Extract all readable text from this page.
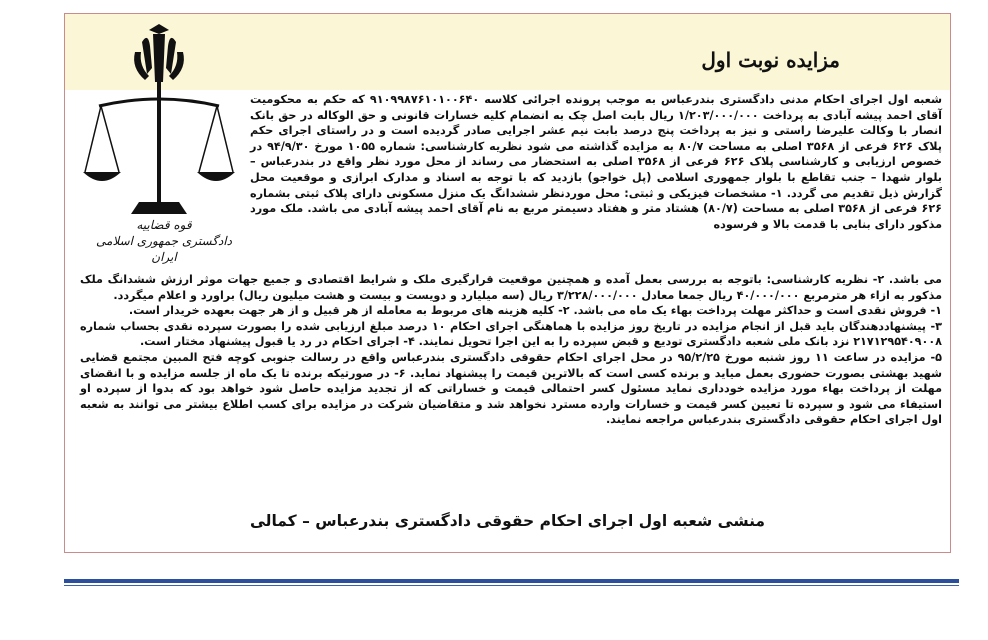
مزایده نوبت اول
قوه قضاییه
دادگستری جمهوری اسلامی ایران

شعبه اول اجرای احکام مدنی دادگستری بندرعباس به موجب پرونده اجرائی کلاسه ۹۱۰۹۹۸۷۶۱۰۱۰۰۶۴۰ که حکم به محکومیت آقای احمد پیشه آبادی به پرداخت ۱/۲۰۳/۰۰۰/۰۰۰ ریال بابت اصل چک به انضمام کلیه خسارات قانونی و حق الوکاله در حق بانک انصار با وکالت علیرضا راستی و نیز به پرداخت پنج درصد بابت نیم عشر اجرایی صادر گردیده است و در راستای اجرای حکم پلاک ۶۲۶ فرعی از ۳۵۶۸ اصلی به مساحت ۸۰/۷ به مزایده گذاشته می شود نظریه کارشناسی: شماره ۱۰۵۵ مورخ ۹۴/۹/۳۰ در خصوص ارزیابی و کارشناسی پلاک ۶۲۶ فرعی از ۳۵۶۸ اصلی به استحضار می رساند از محل مورد نظر واقع در بندرعباس – بلوار شهدا – جنب تقاطع با بلوار جمهوری اسلامی (پل خواجو) بازدید که با توجه به اسناد و مدارک ابرازی و موقعیت محل گزارش ذیل تقدیم می گردد. ۱- مشخصات فیزیکی و ثبتی: محل موردنظر ششدانگ یک منزل مسکونی دارای پلاک ثبتی بشماره ۶۲۶ فرعی از ۳۵۶۸ اصلی به مساحت (۸۰/۷) هشتاد متر و هفتاد دسیمتر مربع به نام آقای احمد پیشه آبادی می باشد. ملک مورد مذکور دارای بنایی با قدمت بالا و فرسوده

می باشد. ۲- نظریه کارشناسی: باتوجه به بررسی بعمل آمده و همچنین موقعیت قرارگیری ملک و شرایط اقتصادی و جمیع جهات موثر ارزش ششدانگ ملک مذکور به ازاء هر مترمربع ۴۰/۰۰۰/۰۰۰ ریال جمعا معادل ۳/۲۲۸/۰۰۰/۰۰۰ ریال (سه میلیارد و دویست و بیست و هشت میلیون ریال) براورد و اعلام میگردد.

۱- فروش نقدی است و حداکثر مهلت پرداخت بهاء یک ماه می باشد. ۲- کلیه هزینه های مربوط به معامله از هر قبیل و از هر جهت بعهده خریدار است.

۳- پیشنهاددهندگان باید قبل از انجام مزایده در تاریخ روز مزایده با هماهنگی اجرای احکام ۱۰ درصد مبلغ ارزیابی شده را بصورت سپرده نقدی بحساب شماره ۲۱۷۱۲۹۵۴۰۹۰۰۸ نزد بانک ملی شعبه دادگستری تودیع و قبض سپرده را به این اجرا تحویل نمایند. ۴- اجرای احکام در رد یا قبول پیشنهاد مختار است.

۵- مزایده در ساعت ۱۱ روز شنبه مورخ ۹۵/۲/۲۵ در محل اجرای احکام حقوقی دادگستری بندرعباس واقع در رسالت جنوبی کوچه فتح المبین مجتمع قضایی شهید بهشتی بصورت حضوری بعمل میاید و برنده کسی است که بالاترین قیمت را پیشنهاد نماید. ۶- در صورتیکه برنده تا یک ماه از جلسه مزایده و با انقضای مهلت از پرداخت بهاء مورد مزایده خودداری نماید مسئول کسر احتمالی قیمت و خساراتی که از تجدید مزایده حاصل شود خواهد بود که بدوا از سپرده او استیفاء می شود و سپرده تا تعیین کسر قیمت و خسارات وارده مسترد نخواهد شد و متقاضیان شرکت در مزایده برای کسب اطلاع بیشتر می توانند به شعبه اول اجرای احکام حقوقی دادگستری بندرعباس مراجعه نمایند.

منشی شعبه اول اجرای احکام حقوقی دادگستری بندرعباس – کمالی
